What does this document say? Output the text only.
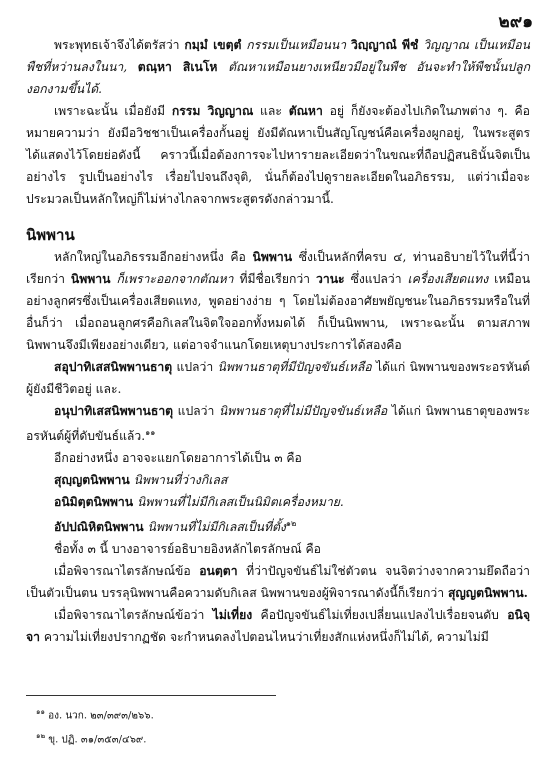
๒๙๑

พระพุทธเจ้าจึงได้ตรัสว่า กมฺมํ เขตฺตํ กรรมเป็นเหมือนนา วิญฺญาณํ พีชํ วิญญาณ เป็นเหมือนพืชที่หว่านลงในนา, ตณฺหา สิเนโห ตัณหาเหมือนยางเหนียวมีอยู่ในพืช อันจะทำให้พืชนั้นปลูกงอกงามขึ้นได้.

เพราะฉะนั้น เมื่อยังมี กรรม วิญญาณ และ ตัณหา อยู่ ก็ยังจะต้องไปเกิดในภพต่าง ๆ. คือหมายความว่า ยังมีอวิชชาเป็นเครื่องกั้นอยู่ ยังมีตัณหาเป็นสัญโญชน์คือเครื่องผูกอยู่, ในพระสูตรได้แสดงไว้โดยย่อดังนี้ คราวนี้เมื่อต้องการจะไปหารายละเอียดว่าในขณะที่ถือปฏิสนธินั้นจิตเป็นอย่างไร รูปเป็นอย่างไร เรื่อยไปจนถึงจุติ, นั่นก็ต้องไปดูรายละเอียดในอภิธรรม, แต่ว่าเมื่อจะประมวลเป็นหลักใหญ่ก็ไม่ห่างไกลจากพระสูตรดังกล่าวมานี้.

นิพพาน

หลักใหญ่ในอภิธรรมอีกอย่างหนึ่ง คือ นิพพาน ซึ่งเป็นหลักที่ครบ ๔, ท่านอธิบายไว้ในที่นี้ว่า เรียกว่า นิพพาน ก็เพราะออกจากตัณหา ที่มีชื่อเรียกว่า วานะ ซึ่งแปลว่า เครื่องเสียดแทง เหมือนอย่างลูกศรซึ่งเป็นเครื่องเสียดแทง, พูดอย่างง่าย ๆ โดยไม่ต้องอาศัยพยัญชนะในอภิธรรมหรือในที่อื่นก็ว่า เมื่อถอนลูกศรคือกิเลสในจิตใจออกทั้งหมดได้ ก็เป็นนิพพาน, เพราะฉะนั้น ตามสภาพ นิพพานจึงมีเพียงอย่างเดียว, แต่อาจจำแนกโดยเหตุบางประการได้สองคือ

สอุปาทิเสสนิพพานธาตุ แปลว่า นิพพานธาตุที่มีปัญจขันธ์เหลือ ได้แก่ นิพพานของพระอรหันต์ผู้ยังมีชีวิตอยู่ และ.

อนุปาทิเสสนิพพานธาตุ แปลว่า นิพพานธาตุที่ไม่มีปัญจขันธ์เหลือ ได้แก่ นิพพานธาตุของพระอรหันต์ผู้ที่ดับขันธ์แล้ว.$^{๑๑}$

อีกอย่างหนึ่ง อาจจะแยกโดยอาการได้เป็น ๓ คือ

สุญฺญตนิพพาน นิพพานที่ว่างกิเลส

อนิมิตฺตนิพพาน นิพพานที่ไม่มีกิเลสเป็นนิมิตเครื่องหมาย.

อัปปณิหิตนิพพาน นิพพานที่ไม่มีกิเลสเป็นที่ตั้ง$^{๑๒}$

ชื่อทั้ง ๓ นี้ บางอาจารย์อธิบายอิงหลักไตรลักษณ์ คือ

เมื่อพิจารณาไตรลักษณ์ข้อ อนตฺตา ที่ว่าปัญจขันธ์ไม่ใช่ตัวตน จนจิตว่างจากความยึดถือว่าเป็นตัวเป็นตน บรรลุนิพพานคือความดับกิเลส นิพพานของผู้พิจารณาดังนี้ก็เรียกว่า สุญญตนิพพาน.

เมื่อพิจารณาไตรลักษณ์ข้อว่า ไม่เที่ยง คือปัญจขันธ์ไม่เที่ยงเปลี่ยนแปลงไปเรื่อยจนดับ อนิจฺจา ความไม่เที่ยงปรากฏชัด จะกำหนดลงไปตอนไหนว่าเที่ยงสักแห่งหนึ่งก็ไม่ได้, ความไม่มี

$^{๑๑}$ อง. นวก. ๒๓/๓๙๓/๒๖๖.

$^{๑๒}$ ขุ. ปฏิ. ๓๑/๓๕๓/๔๖๙.
